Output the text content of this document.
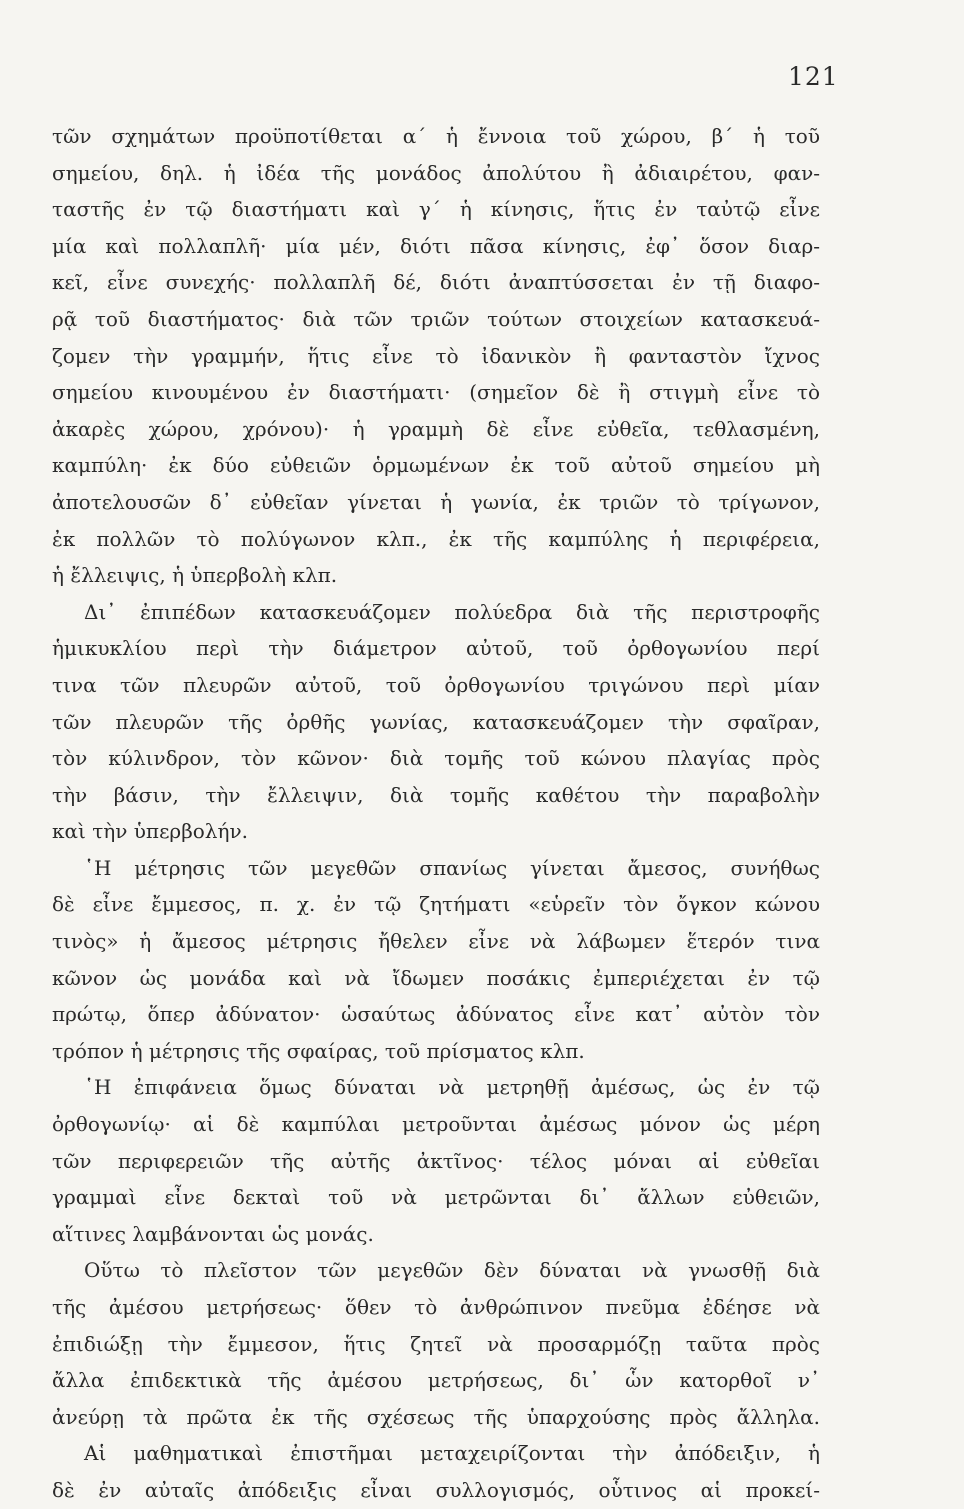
121
τῶν σχημάτων προϋποτίθεται α΄ ἡ ἔννοια τοῦ χώρου, β΄ ἡ τοῦ
σημείου, δηλ. ἡ ἰδέα τῆς μονάδος ἀπολύτου ἢ ἀδιαιρέτου, φαν-
ταστῆς ἐν τῷ διαστήματι καὶ γ΄ ἡ κίνησις, ἥτις ἐν ταὐτῷ εἶνε
μία καὶ πολλαπλῆ· μία μέν, διότι πᾶσα κίνησις, ἐφ᾿ ὅσον διαρ-
κεῖ, εἶνε συνεχής· πολλαπλῆ δέ, διότι ἀναπτύσσεται ἐν τῇ διαφο-
ρᾷ τοῦ διαστήματος· διὰ τῶν τριῶν τούτων στοιχείων κατασκευά-
ζομεν τὴν γραμμήν, ἥτις εἶνε τὸ ἰδανικὸν ἢ φανταστὸν ἴχνος
σημείου κινουμένου ἐν διαστήματι· (σημεῖον δὲ ἢ στιγμὴ εἶνε τὸ
ἀκαρὲς χώρου, χρόνου)· ἡ γραμμὴ δὲ εἶνε εὐθεῖα, τεθλασμένη,
καμπύλη· ἐκ δύο εὐθειῶν ὁρμωμένων ἐκ τοῦ αὐτοῦ σημείου μὴ
ἀποτελουσῶν δ᾿ εὐθεῖαν γίνεται ἡ γωνία, ἐκ τριῶν τὸ τρίγωνον,
ἐκ πολλῶν τὸ πολύγωνον κλπ., ἐκ τῆς καμπύλης ἡ περιφέρεια,
ἡ ἔλλειψις, ἡ ὑπερβολὴ κλπ.
Δι᾿ ἐπιπέδων κατασκευάζομεν πολύεδρα διὰ τῆς περιστροφῆς
ἡμικυκλίου περὶ τὴν διάμετρον αὐτοῦ, τοῦ ὀρθογωνίου περί
τινα τῶν πλευρῶν αὐτοῦ, τοῦ ὀρθογωνίου τριγώνου περὶ μίαν
τῶν πλευρῶν τῆς ὀρθῆς γωνίας, κατασκευάζομεν τὴν σφαῖραν,
τὸν κύλινδρον, τὸν κῶνον· διὰ τομῆς τοῦ κώνου πλαγίας πρὸς
τὴν βάσιν, τὴν ἔλλειψιν, διὰ τομῆς καθέτου τὴν παραβολὴν
καὶ τὴν ὑπερβολήν.
῾Η μέτρησις τῶν μεγεθῶν σπανίως γίνεται ἄμεσος, συνήθως
δὲ εἶνε ἔμμεσος, π. χ. ἐν τῷ ζητήματι «εὑρεῖν τὸν ὄγκον κώνου
τινὸς» ἡ ἄμεσος μέτρησις ἤθελεν εἶνε νὰ λάβωμεν ἕτερόν τινα
κῶνον ὡς μονάδα καὶ νὰ ἴδωμεν ποσάκις ἐμπεριέχεται ἐν τῷ
πρώτῳ, ὅπερ ἀδύνατον· ὡσαύτως ἀδύνατος εἶνε κατ᾿ αὐτὸν τὸν
τρόπον ἡ μέτρησις τῆς σφαίρας, τοῦ πρίσματος κλπ.
῾Η ἐπιφάνεια ὅμως δύναται νὰ μετρηθῇ ἀμέσως, ὡς ἐν τῷ
ὀρθογωνίῳ· αἱ δὲ καμπύλαι μετροῦνται ἀμέσως μόνον ὡς μέρη
τῶν περιφερειῶν τῆς αὐτῆς ἀκτῖνος· τέλος μόναι αἱ εὐθεῖαι
γραμμαὶ εἶνε δεκταὶ τοῦ νὰ μετρῶνται δι᾿ ἄλλων εὐθειῶν,
αἵτινες λαμβάνονται ὡς μονάς.
Οὕτω τὸ πλεῖστον τῶν μεγεθῶν δὲν δύναται νὰ γνωσθῇ διὰ
τῆς ἀμέσου μετρήσεως· ὅθεν τὸ ἀνθρώπινον πνεῦμα ἐδέησε νὰ
ἐπιδιώξῃ τὴν ἔμμεσον, ἥτις ζητεῖ νὰ προσαρμόζῃ ταῦτα πρὸς
ἄλλα ἐπιδεκτικὰ τῆς ἀμέσου μετρήσεως, δι᾿ ὧν κατορθοῖ ν᾿
ἀνεύρῃ τὰ πρῶτα ἐκ τῆς σχέσεως τῆς ὑπαρχούσης πρὸς ἄλληλα.
Αἱ μαθηματικαὶ ἐπιστῆμαι μεταχειρίζονται τὴν ἀπόδειξιν, ἡ
δὲ ἐν αὐταῖς ἀπόδειξις εἶναι συλλογισμός, οὗτινος αἱ προκεί-
